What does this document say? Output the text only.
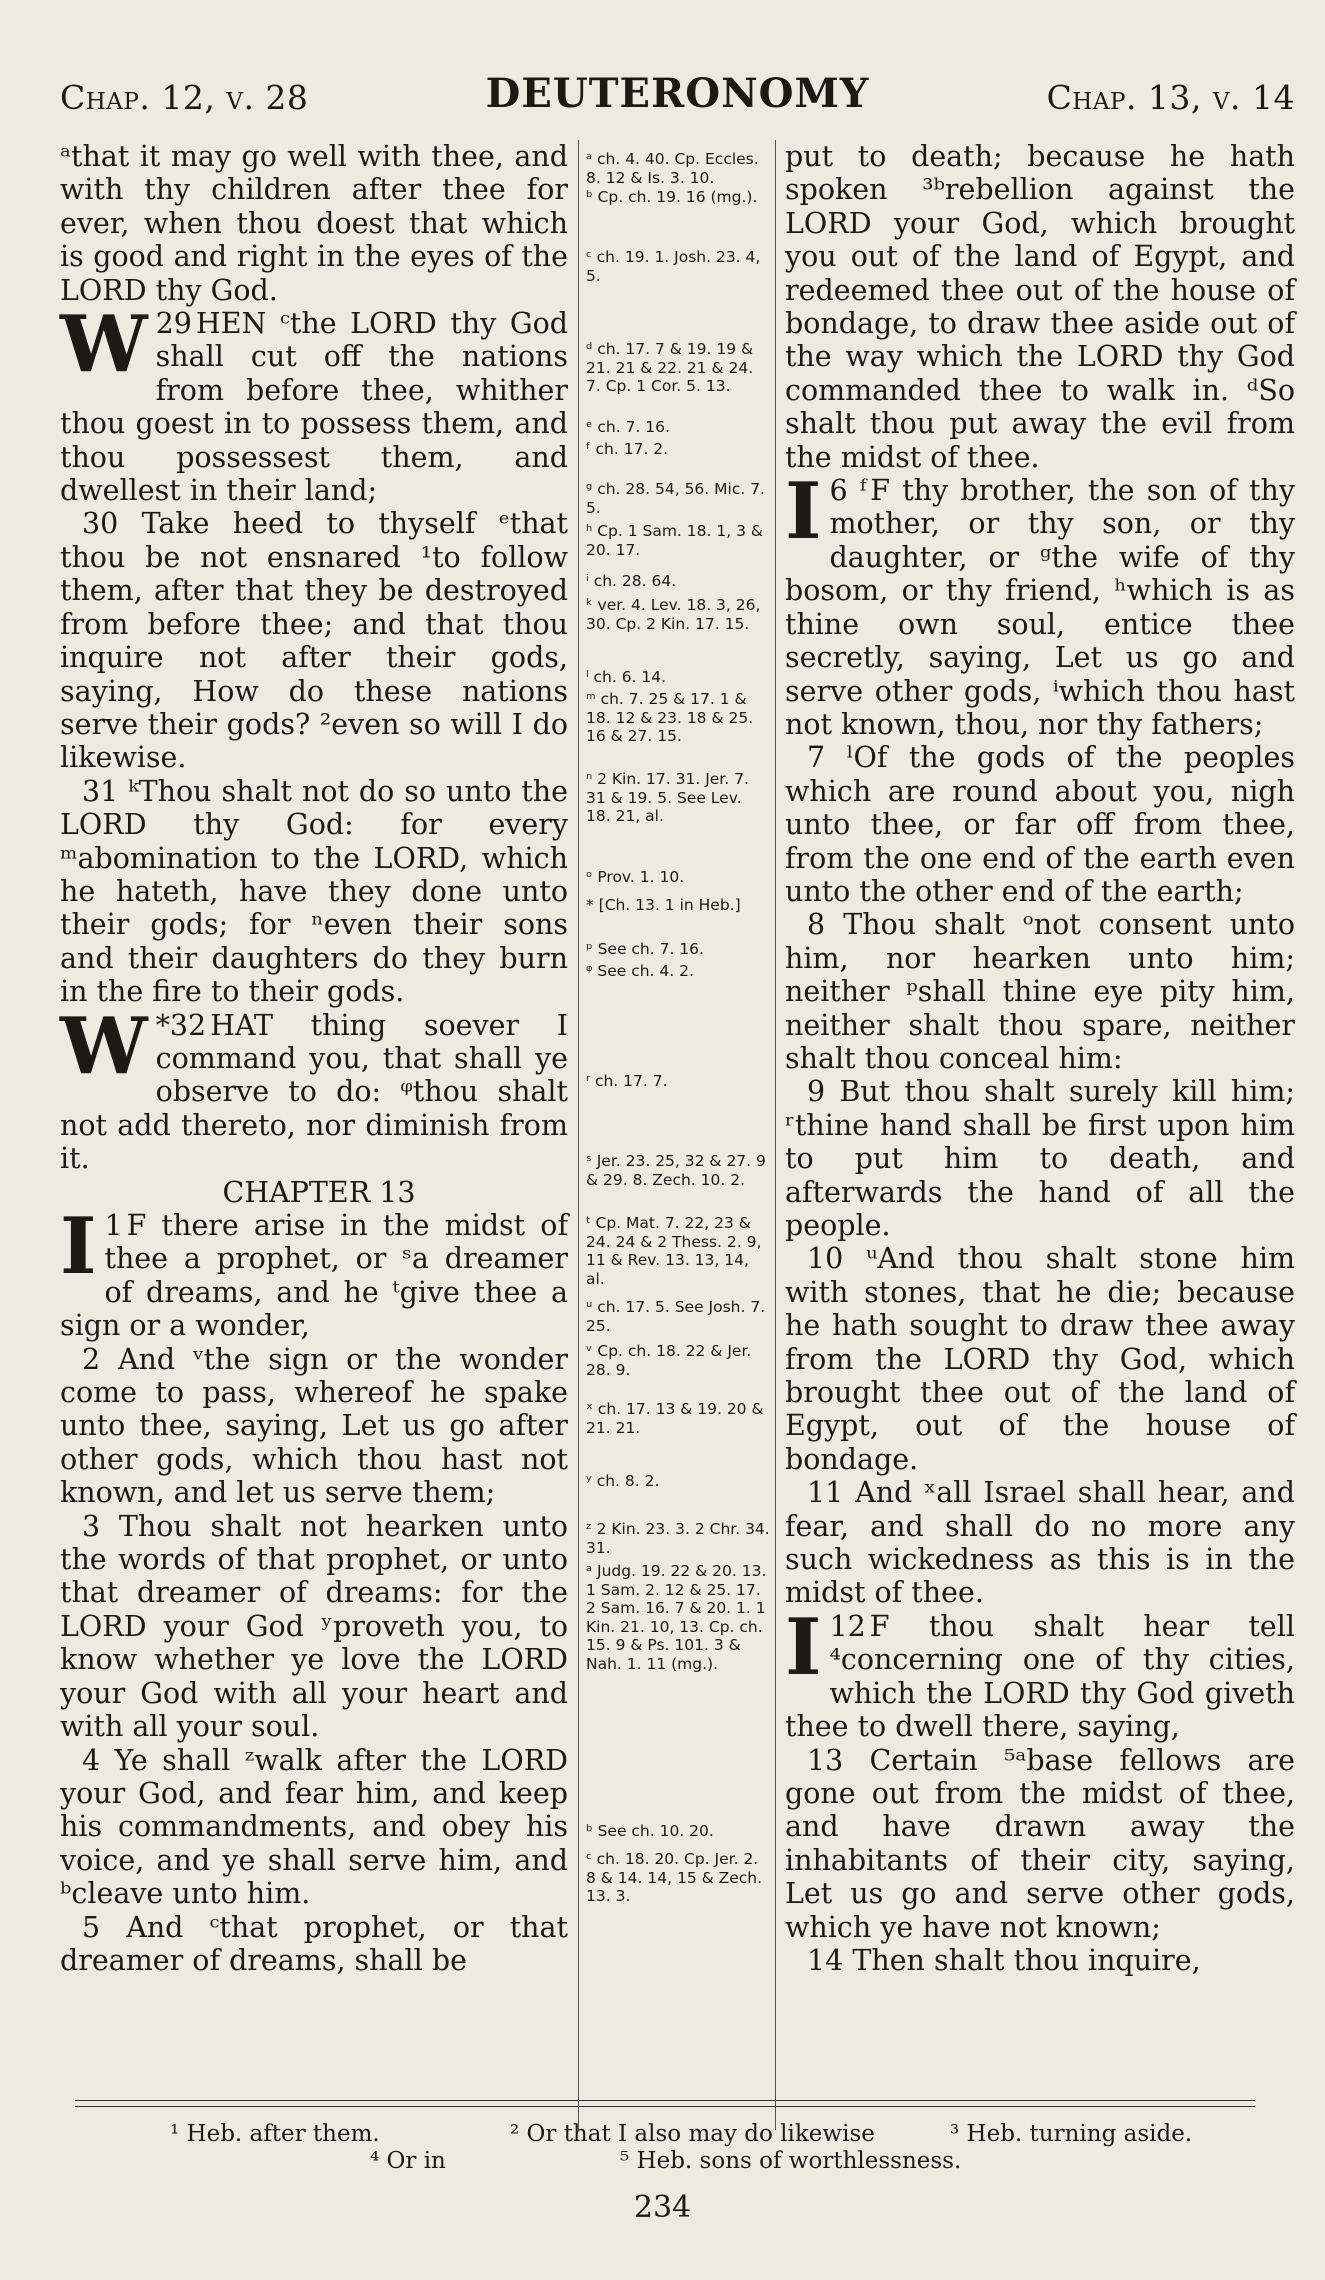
Chap. 12, v. 28	DEUTERONOMY	Chap. 13, v. 14

ᵃthat it may go well with thee, and with thy children after thee for ever, when thou doest that which is good and right in the eyes of the LORD thy God.

29
W HEN ᶜthe LORD thy God shall cut off the nations from before thee, whither thou goest in to possess them, and thou possessest them, and dwellest in their land;

30 Take heed to thyself ᵉthat thou be not ensnared ¹to follow them, after that they be destroyed from before thee; and that thou inquire not after their gods, saying, How do these nations serve their gods? ²even so will I do likewise.

31 ᵏThou shalt not do so unto the LORD thy God: for every ᵐabomination to the LORD, which he hateth, have they done unto their gods; for ⁿeven their sons and their daughters do they burn in the fire to their gods.

*32
W HAT thing soever I command you, that shall ye observe to do: ᵠthou shalt not add thereto, nor diminish from it.

CHAPTER 13

1
I F there arise in the midst of thee a prophet, or ˢa dreamer of dreams, and he ᵗgive thee a sign or a wonder,

2 And ᵛthe sign or the wonder come to pass, whereof he spake unto thee, saying, Let us go after other gods, which thou hast not known, and let us serve them;

3 Thou shalt not hearken unto the words of that prophet, or unto that dreamer of dreams: for the LORD your God ʸproveth you, to know whether ye love the LORD your God with all your heart and with all your soul.

4 Ye shall ᶻwalk after the LORD your God, and fear him, and keep his commandments, and obey his voice, and ye shall serve him, and ᵇcleave unto him.

5 And ᶜthat prophet, or that dreamer of dreams, shall be

ᵃ ch. 4. 40. Cp. Eccles. 8. 12 & Is. 3. 10.
ᵇ Cp. ch. 19. 16 (mg.).
ᶜ ch. 19. 1. Josh. 23. 4, 5.
ᵈ ch. 17. 7 & 19. 19 & 21. 21 & 22. 21 & 24. 7. Cp. 1 Cor. 5. 13.
ᵉ ch. 7. 16.
ᶠ ch. 17. 2.
ᵍ ch. 28. 54, 56. Mic. 7. 5.
ʰ Cp. 1 Sam. 18. 1, 3 & 20. 17.
ⁱ ch. 28. 64.
ᵏ ver. 4. Lev. 18. 3, 26, 30. Cp. 2 Kin. 17. 15.
ˡ ch. 6. 14.
ᵐ ch. 7. 25 & 17. 1 & 18. 12 & 23. 18 & 25. 16 & 27. 15.
ⁿ 2 Kin. 17. 31. Jer. 7. 31 & 19. 5. See Lev. 18. 21, al.
ᵒ Prov. 1. 10.
* [Ch. 13. 1 in Heb.]
ᵖ See ch. 7. 16.
ᵠ See ch. 4. 2.
ʳ ch. 17. 7.
ˢ Jer. 23. 25, 32 & 27. 9 & 29. 8. Zech. 10. 2.
ᵗ Cp. Mat. 7. 22, 23 & 24. 24 & 2 Thess. 2. 9, 11 & Rev. 13. 13, 14, al.
ᵘ ch. 17. 5. See Josh. 7. 25.
ᵛ Cp. ch. 18. 22 & Jer. 28. 9.
ˣ ch. 17. 13 & 19. 20 & 21. 21.
ʸ ch. 8. 2.
ᶻ 2 Kin. 23. 3. 2 Chr. 34. 31.
ᵃ Judg. 19. 22 & 20. 13. 1 Sam. 2. 12 & 25. 17. 2 Sam. 16. 7 & 20. 1. 1 Kin. 21. 10, 13. Cp. ch. 15. 9 & Ps. 101. 3 & Nah. 1. 11 (mg.).
ᵇ See ch. 10. 20.
ᶜ ch. 18. 20. Cp. Jer. 2. 8 & 14. 14, 15 & Zech. 13. 3.

put to death; because he hath spoken ³ᵇrebellion against the LORD your God, which brought you out of the land of Egypt, and redeemed thee out of the house of bondage, to draw thee aside out of the way which the LORD thy God commanded thee to walk in. ᵈSo shalt thou put away the evil from the midst of thee.

6 ᶠ
I F thy brother, the son of thy mother, or thy son, or thy daughter, or ᵍthe wife of thy bosom, or thy friend, ʰwhich is as thine own soul, entice thee secretly, saying, Let us go and serve other gods, ⁱwhich thou hast not known, thou, nor thy fathers;

7 ˡOf the gods of the peoples which are round about you, nigh unto thee, or far off from thee, from the one end of the earth even unto the other end of the earth;

8 Thou shalt ᵒnot consent unto him, nor hearken unto him; neither ᵖshall thine eye pity him, neither shalt thou spare, neither shalt thou conceal him:

9 But thou shalt surely kill him; ʳthine hand shall be first upon him to put him to death, and afterwards the hand of all the people.

10 ᵘAnd thou shalt stone him with stones, that he die; because he hath sought to draw thee away from the LORD thy God, which brought thee out of the land of Egypt, out of the house of bondage.

11 And ˣall Israel shall hear, and fear, and shall do no more any such wickedness as this is in the midst of thee.

12
I F thou shalt hear tell ⁴concerning one of thy cities, which the LORD thy God giveth thee to dwell there, saying,

13 Certain ⁵ᵃbase fellows are gone out from the midst of thee, and have drawn away the inhabitants of their city, saying, Let us go and serve other gods, which ye have not known;

14 Then shalt thou inquire,

¹ Heb. after them.	² Or that I also may do likewise	³ Heb. turning aside.
⁴ Or in	⁵ Heb. sons of worthlessness.
234
